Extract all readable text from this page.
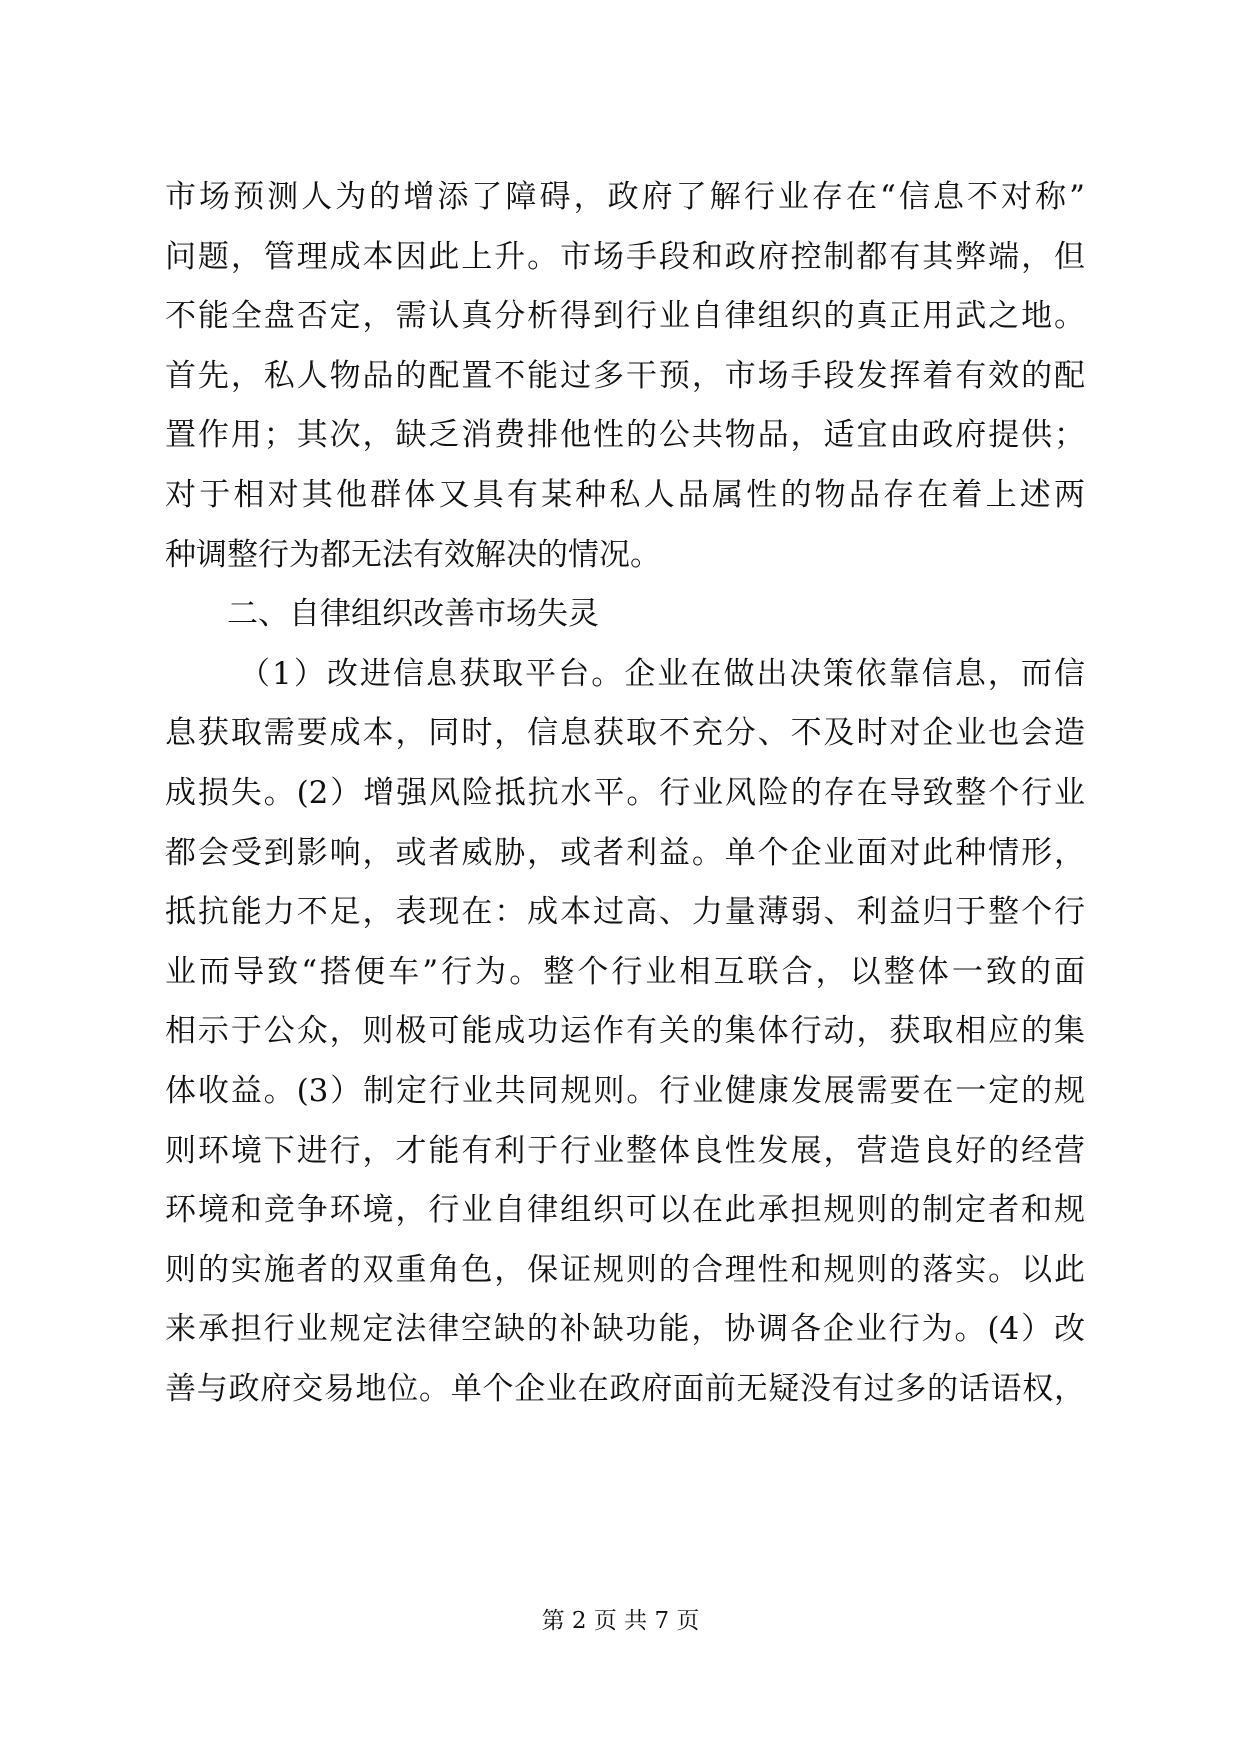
市场预测人为的增添了障碍，政府了解行业存在“信息不对称”
问题，管理成本因此上升。市场手段和政府控制都有其弊端，但
不能全盘否定，需认真分析得到行业自律组织的真正用武之地。
首先，私人物品的配置不能过多干预，市场手段发挥着有效的配
置作用；其次，缺乏消费排他性的公共物品，适宜由政府提供；
对于相对其他群体又具有某种私人品属性的物品存在着上述两
种调整行为都无法有效解决的情况。
二、自律组织改善市场失灵
（1）改进信息获取平台。企业在做出决策依靠信息，而信
息获取需要成本，同时，信息获取不充分、不及时对企业也会造
成损失。(2）增强风险抵抗水平。行业风险的存在导致整个行业
都会受到影响，或者威胁，或者利益。单个企业面对此种情形，
抵抗能力不足，表现在：成本过高、力量薄弱、利益归于整个行
业而导致“搭便车”行为。整个行业相互联合，以整体一致的面
相示于公众，则极可能成功运作有关的集体行动，获取相应的集
体收益。(3）制定行业共同规则。行业健康发展需要在一定的规
则环境下进行，才能有利于行业整体良性发展，营造良好的经营
环境和竞争环境，行业自律组织可以在此承担规则的制定者和规
则的实施者的双重角色，保证规则的合理性和规则的落实。以此
来承担行业规定法律空缺的补缺功能，协调各企业行为。(4）改
善与政府交易地位。单个企业在政府面前无疑没有过多的话语权，
第 2 页 共 7 页
